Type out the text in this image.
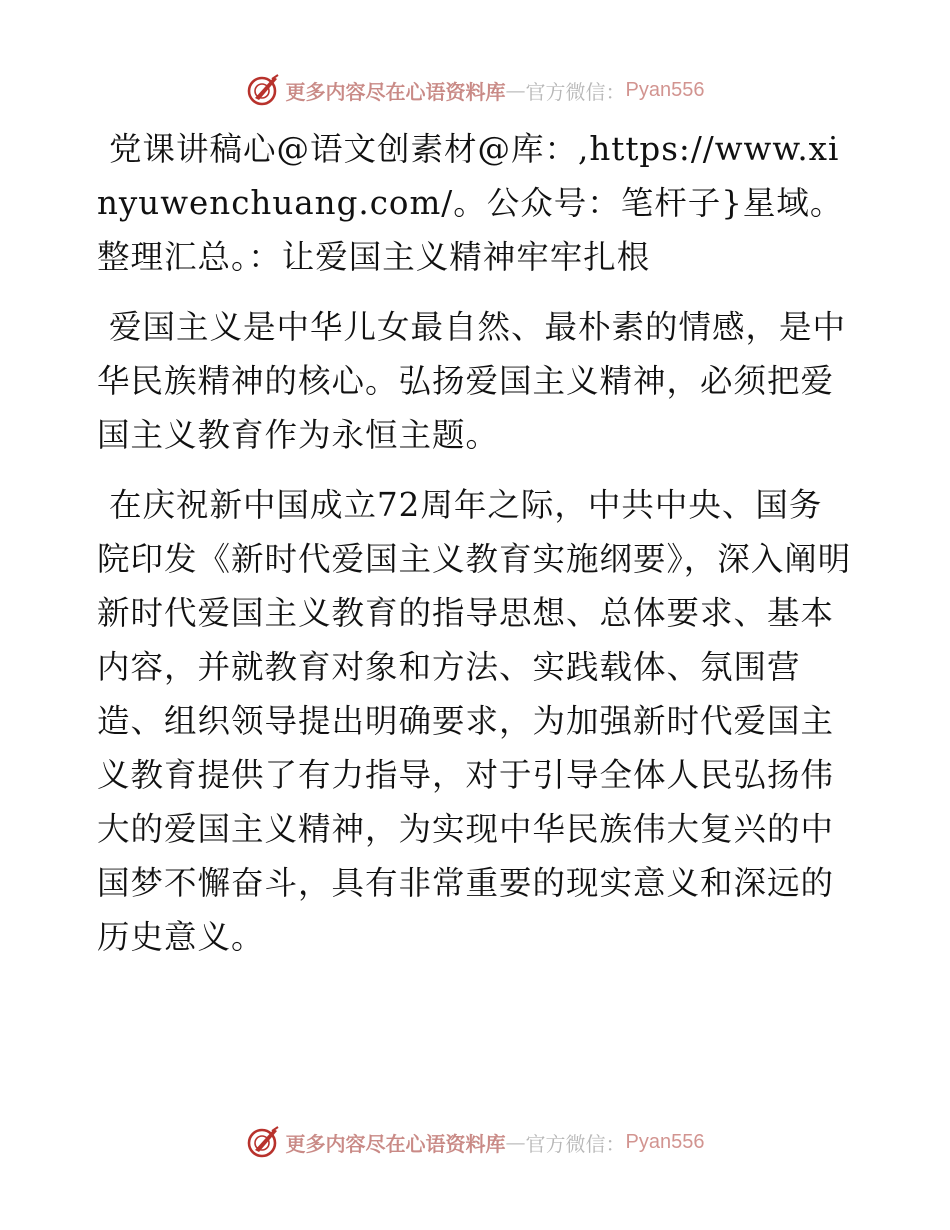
更多内容尽在心语资料库 — 官方微信： Pyan556

党课讲稿心@语文创素材@库：,https://www.xinyuwenchuang.com/。公众号：笔杆子}星域。整理汇总。：让爱国主义精神牢牢扎根

爱国主义是中华儿女最自然、最朴素的情感，是中华民族精神的核心。弘扬爱国主义精神，必须把爱国主义教育作为永恒主题。

在庆祝新中国成立72周年之际，中共中央、国务院印发《新时代爱国主义教育实施纲要》，深入阐明新时代爱国主义教育的指导思想、总体要求、基本内容，并就教育对象和方法、实践载体、氛围营造、组织领导提出明确要求，为加强新时代爱国主义教育提供了有力指导，对于引导全体人民弘扬伟大的爱国主义精神，为实现中华民族伟大复兴的中国梦不懈奋斗，具有非常重要的现实意义和深远的历史意义。

更多内容尽在心语资料库 — 官方微信： Pyan556
